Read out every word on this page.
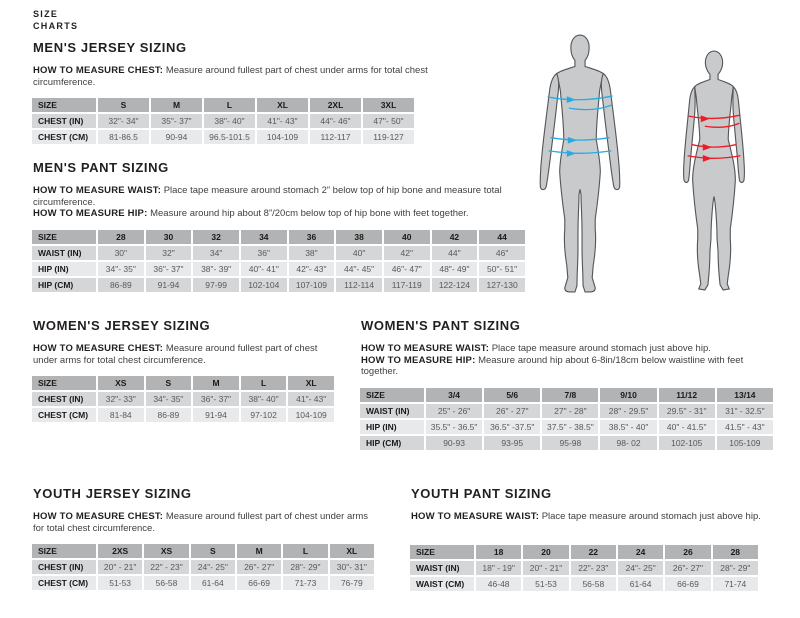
SIZE
CHARTS
MEN'S JERSEY SIZING
HOW TO MEASURE CHEST: Measure around fullest part of chest under arms for total chest circumference.
SIZE	S	M	L	XL	2XL	3XL
CHEST (IN)	32"- 34"	35"- 37"	38"- 40"	41"- 43"	44"- 46"	47"- 50"
CHEST (CM)	81-86.5	90-94	96.5-101.5	104-109	112-117	119-127
MEN'S PANT SIZING
HOW TO MEASURE WAIST: Place tape measure around stomach 2” below top of hip bone and measure total circumference.
HOW TO MEASURE HIP: Measure around hip about 8”/20cm below top of hip bone with feet together.
SIZE	28	30	32	34	36	38	40	42	44
WAIST (IN)	30"	32"	34"	36"	38"	40"	42"	44"	46"
HIP (IN)	34"- 35"	36"- 37"	38"- 39"	40"- 41"	42"- 43"	44"- 45"	46"- 47"	48"- 49"	50"- 51"
HIP (CM)	86-89	91-94	97-99	102-104	107-109	112-114	117-119	122-124	127-130
WOMEN'S JERSEY SIZING
HOW TO MEASURE CHEST: Measure around fullest part of chest under arms for total chest circumference.
SIZE	XS	S	M	L	XL
CHEST (IN)	32"- 33"	34"- 35"	36"- 37"	38"- 40"	41"- 43"
CHEST (CM)	81-84	86-89	91-94	97-102	104-109
WOMEN'S PANT SIZING
HOW TO MEASURE WAIST: Place tape measure around stomach just above hip.
HOW TO MEASURE HIP: Measure around hip about 6-8in/18cm below waistline with feet together.
SIZE	3/4	5/6	7/8	9/10	11/12	13/14
WAIST (IN)	25" - 26"	26" - 27"	27" - 28"	28" - 29.5"	29.5" - 31"	31" - 32.5"
HIP (IN)	35.5" - 36.5"	36.5" -37.5"	37.5" - 38.5"	38.5" - 40"	40" - 41.5"	41.5" - 43"
HIP (CM)	90-93	93-95	95-98	98- 02	102-105	105-109
YOUTH JERSEY SIZING
HOW TO MEASURE CHEST: Measure around fullest part of chest under arms for total chest circumference.
SIZE	2XS	XS	S	M	L	XL
CHEST (IN)	20" - 21"	22" - 23"	24"- 25"	26"- 27"	28"- 29"	30"- 31"
CHEST (CM)	51-53	56-58	61-64	66-69	71-73	76-79
YOUTH PANT SIZING
HOW TO MEASURE WAIST: Place tape measure around stomach just above hip.
SIZE	18	20	22	24	26	28
WAIST (IN)	18" - 19"	20" - 21"	22"- 23"	24"- 25"	26"- 27"	28"- 29"
WAIST (CM)	46-48	51-53	56-58	61-64	66-69	71-74
